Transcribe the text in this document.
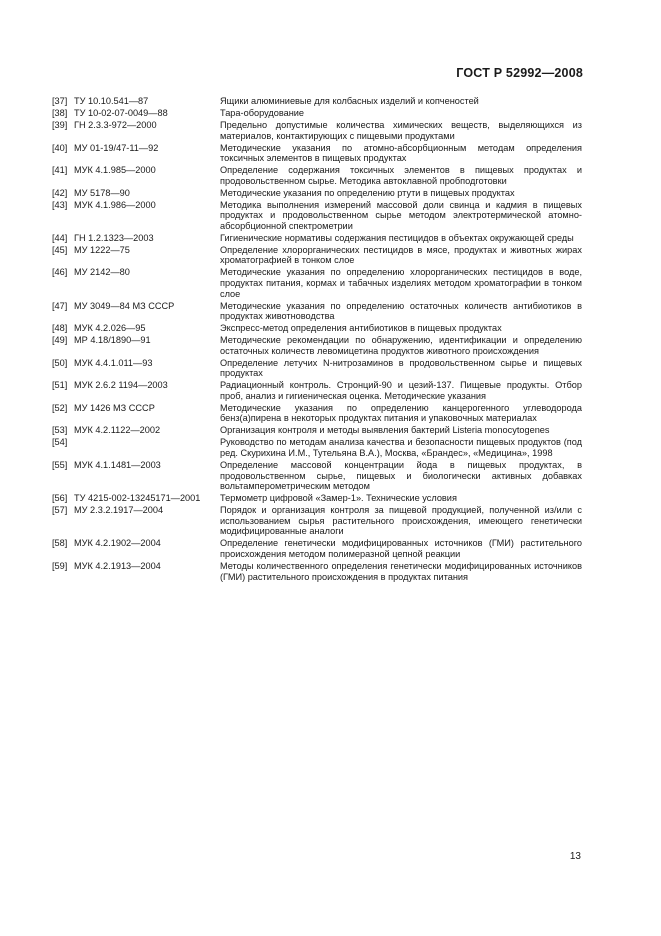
ГОСТ Р 52992—2008
[37] ТУ 10.10.541—87	Ящики алюминиевые для колбасных изделий и копченостей
[38] ТУ 10-02-07-0049—88	Тара-оборудование
[39] ГН 2.3.3-972—2000	Предельно допустимые количества химических веществ, выделяющихся из материалов, контактирующих с пищевыми продуктами
[40] МУ 01-19/47-11—92	Методические указания по атомно-абсорбционным методам определения токсичных элементов в пищевых продуктах
[41] МУК 4.1.985—2000	Определение содержания токсичных элементов в пищевых продуктах и продовольственном сырье. Методика автоклавной пробподготовки
[42] МУ 5178—90	Методические указания по определению ртути в пищевых продуктах
[43] МУК 4.1.986—2000	Методика выполнения измерений массовой доли свинца и кадмия в пищевых продуктах и продовольственном сырье методом электротермической атомно-абсорбционной спектрометрии
[44] ГН 1.2.1323—2003	Гигиенические нормативы содержания пестицидов в объектах окружающей среды
[45] МУ 1222—75	Определение хлорорганических пестицидов в мясе, продуктах и животных жирах хроматографией в тонком слое
[46] МУ 2142—80	Методические указания по определению хлорорганических пестицидов в воде, продуктах питания, кормах и табачных изделиях методом хроматографии в тонком слое
[47] МУ 3049—84 МЗ СССР	Методические указания по определению остаточных количеств антибиотиков в продуктах животноводства
[48] МУК 4.2.026—95	Экспресс-метод определения антибиотиков в пищевых продуктах
[49] МР 4.18/1890—91	Методические рекомендации по обнаружению, идентификации и определению остаточных количеств левомицетина продуктов животного происхождения
[50] МУК 4.4.1.011—93	Определение летучих N-нитрозаминов в продовольственном сырье и пищевых продуктах
[51] МУК 2.6.2 1194—2003	Радиационный контроль. Стронций-90 и цезий-137. Пищевые продукты. Отбор проб, анализ и гигиеническая оценка. Методические указания
[52] МУ 1426 МЗ СССР	Методические указания по определению канцерогенного углеводорода бенз(а)пирена в некоторых продуктах питания и упаковочных материалах
[53] МУК 4.2.1122—2002	Организация контроля и методы выявления бактерий Listeria monocytogenes
[54]	Руководство по методам анализа качества и безопасности пищевых продуктов (под ред. Скурихина И.М., Тутельяна В.А.), Москва, «Брандес», «Медицина», 1998
[55] МУК 4.1.1481—2003	Определение массовой концентрации йода в пищевых продуктах, в продовольственном сырье, пищевых и биологически активных добавках вольтамперометрическим методом
[56] ТУ 4215-002-13245171—2001	Термометр цифровой «Замер-1». Технические условия
[57] МУ 2.3.2.1917—2004	Порядок и организация контроля за пищевой продукцией, полученной из/или с использованием сырья растительного происхождения, имеющего генетически модифицированные аналоги
[58] МУК 4.2.1902—2004	Определение генетически модифицированных источников (ГМИ) растительного происхождения методом полимеразной цепной реакции
[59] МУК 4.2.1913—2004	Методы количественного определения генетически модифицированных источников (ГМИ) растительного происхождения в продуктах питания
13
